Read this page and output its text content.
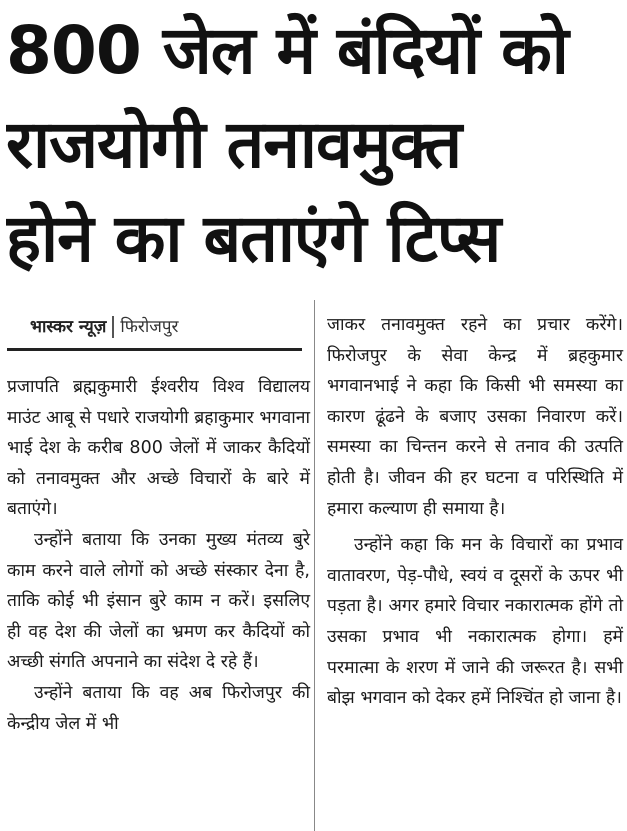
800 जेल में बंदियों को
राजयोगी तनावमुक्त
होने का बताएंगे टिप्स
भास्कर न्यूज़ फिरोजपुर

प्रजापति ब्रह्मकुमारी ईश्वरीय विश्व विद्यालय माउंट आबू से पधारे राजयोगी ब्रहाकुमार भगवाना भाई देश के करीब 800 जेलों में जाकर कैदियों को तनावमुक्त और अच्छे विचारों के बारे में बताएंगे।

उन्होंने बताया कि उनका मुख्य मंतव्य बुरे काम करने वाले लोगों को अच्छे संस्कार देना है, ताकि कोई भी इंसान बुरे काम न करें। इसलिए ही वह देश की जेलों का भ्रमण कर कैदियों को अच्छी संगति अपनाने का संदेश दे रहे हैं।

उन्होंने बताया कि वह अब फिरोजपुर की केन्द्रीय जेल में भी

जाकर तनावमुक्त रहने का प्रचार करेंगे। फिरोजपुर के सेवा केन्द्र में ब्रहकुमार भगवानभाई ने कहा कि किसी भी समस्या का कारण ढूंढने के बजाए उसका निवारण करें। समस्या का चिन्तन करने से तनाव की उत्पति होती है। जीवन की हर घटना व परिस्थिति में हमारा कल्याण ही समाया है।

उन्होंने कहा कि मन के विचारों का प्रभाव वातावरण, पेड़-पौधे, स्वयं व दूसरों के ऊपर भी पड़ता है। अगर हमारे विचार नकारात्मक होंगे तो उसका प्रभाव भी नकारात्मक होगा। हमें परमात्मा के शरण में जाने की जरूरत है। सभी बोझ भगवान को देकर हमें निश्चिंत हो जाना है।
